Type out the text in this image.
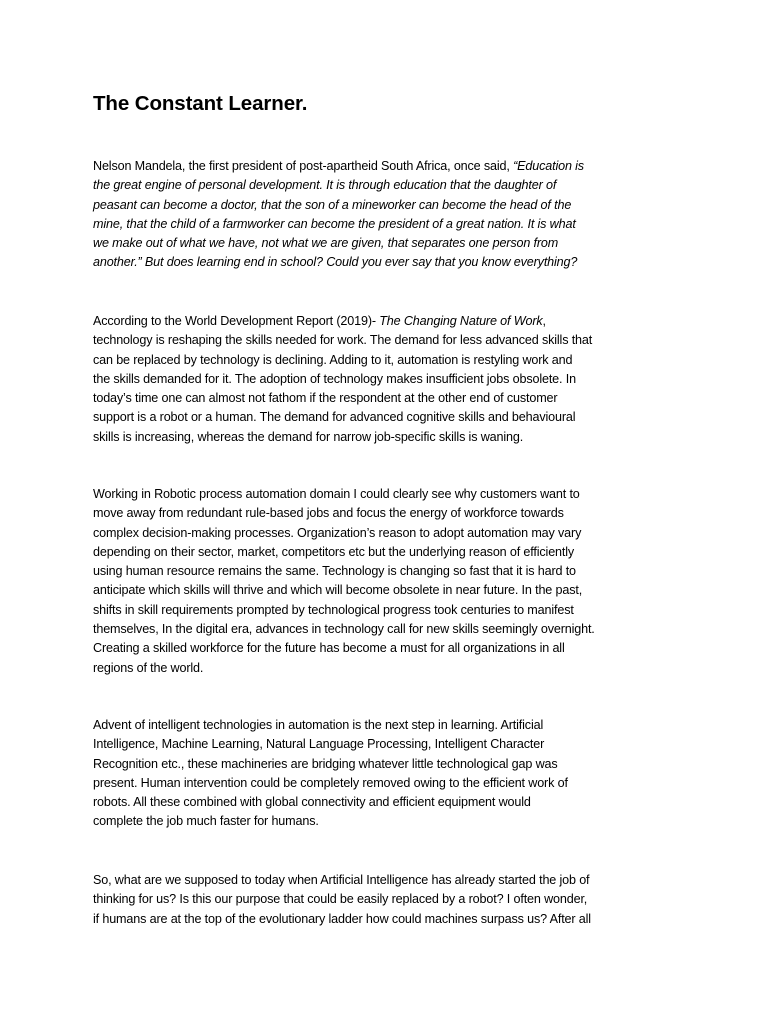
The Constant Learner.

Nelson Mandela, the first president of post-apartheid South Africa, once said, “Education is
the great engine of personal development. It is through education that the daughter of
peasant can become a doctor, that the son of a mineworker can become the head of the
mine, that the child of a farmworker can become the president of a great nation. It is what
we make out of what we have, not what we are given, that separates one person from
another.” But does learning end in school? Could you ever say that you know everything?

According to the World Development Report (2019)- The Changing Nature of Work,
technology is reshaping the skills needed for work. The demand for less advanced skills that
can be replaced by technology is declining. Adding to it, automation is restyling work and
the skills demanded for it. The adoption of technology makes insufficient jobs obsolete. In
today’s time one can almost not fathom if the respondent at the other end of customer
support is a robot or a human. The demand for advanced cognitive skills and behavioural
skills is increasing, whereas the demand for narrow job-specific skills is waning.

Working in Robotic process automation domain I could clearly see why customers want to
move away from redundant rule-based jobs and focus the energy of workforce towards
complex decision-making processes. Organization’s reason to adopt automation may vary
depending on their sector, market, competitors etc but the underlying reason of efficiently
using human resource remains the same. Technology is changing so fast that it is hard to
anticipate which skills will thrive and which will become obsolete in near future. In the past,
shifts in skill requirements prompted by technological progress took centuries to manifest
themselves, In the digital era, advances in technology call for new skills seemingly overnight.
Creating a skilled workforce for the future has become a must for all organizations in all
regions of the world.

Advent of intelligent technologies in automation is the next step in learning. Artificial
Intelligence, Machine Learning, Natural Language Processing, Intelligent Character
Recognition etc., these machineries are bridging whatever little technological gap was
present. Human intervention could be completely removed owing to the efficient work of
robots. All these combined with global connectivity and efficient equipment would
complete the job much faster for humans.

So, what are we supposed to today when Artificial Intelligence has already started the job of
thinking for us? Is this our purpose that could be easily replaced by a robot? I often wonder,
if humans are at the top of the evolutionary ladder how could machines surpass us? After all
